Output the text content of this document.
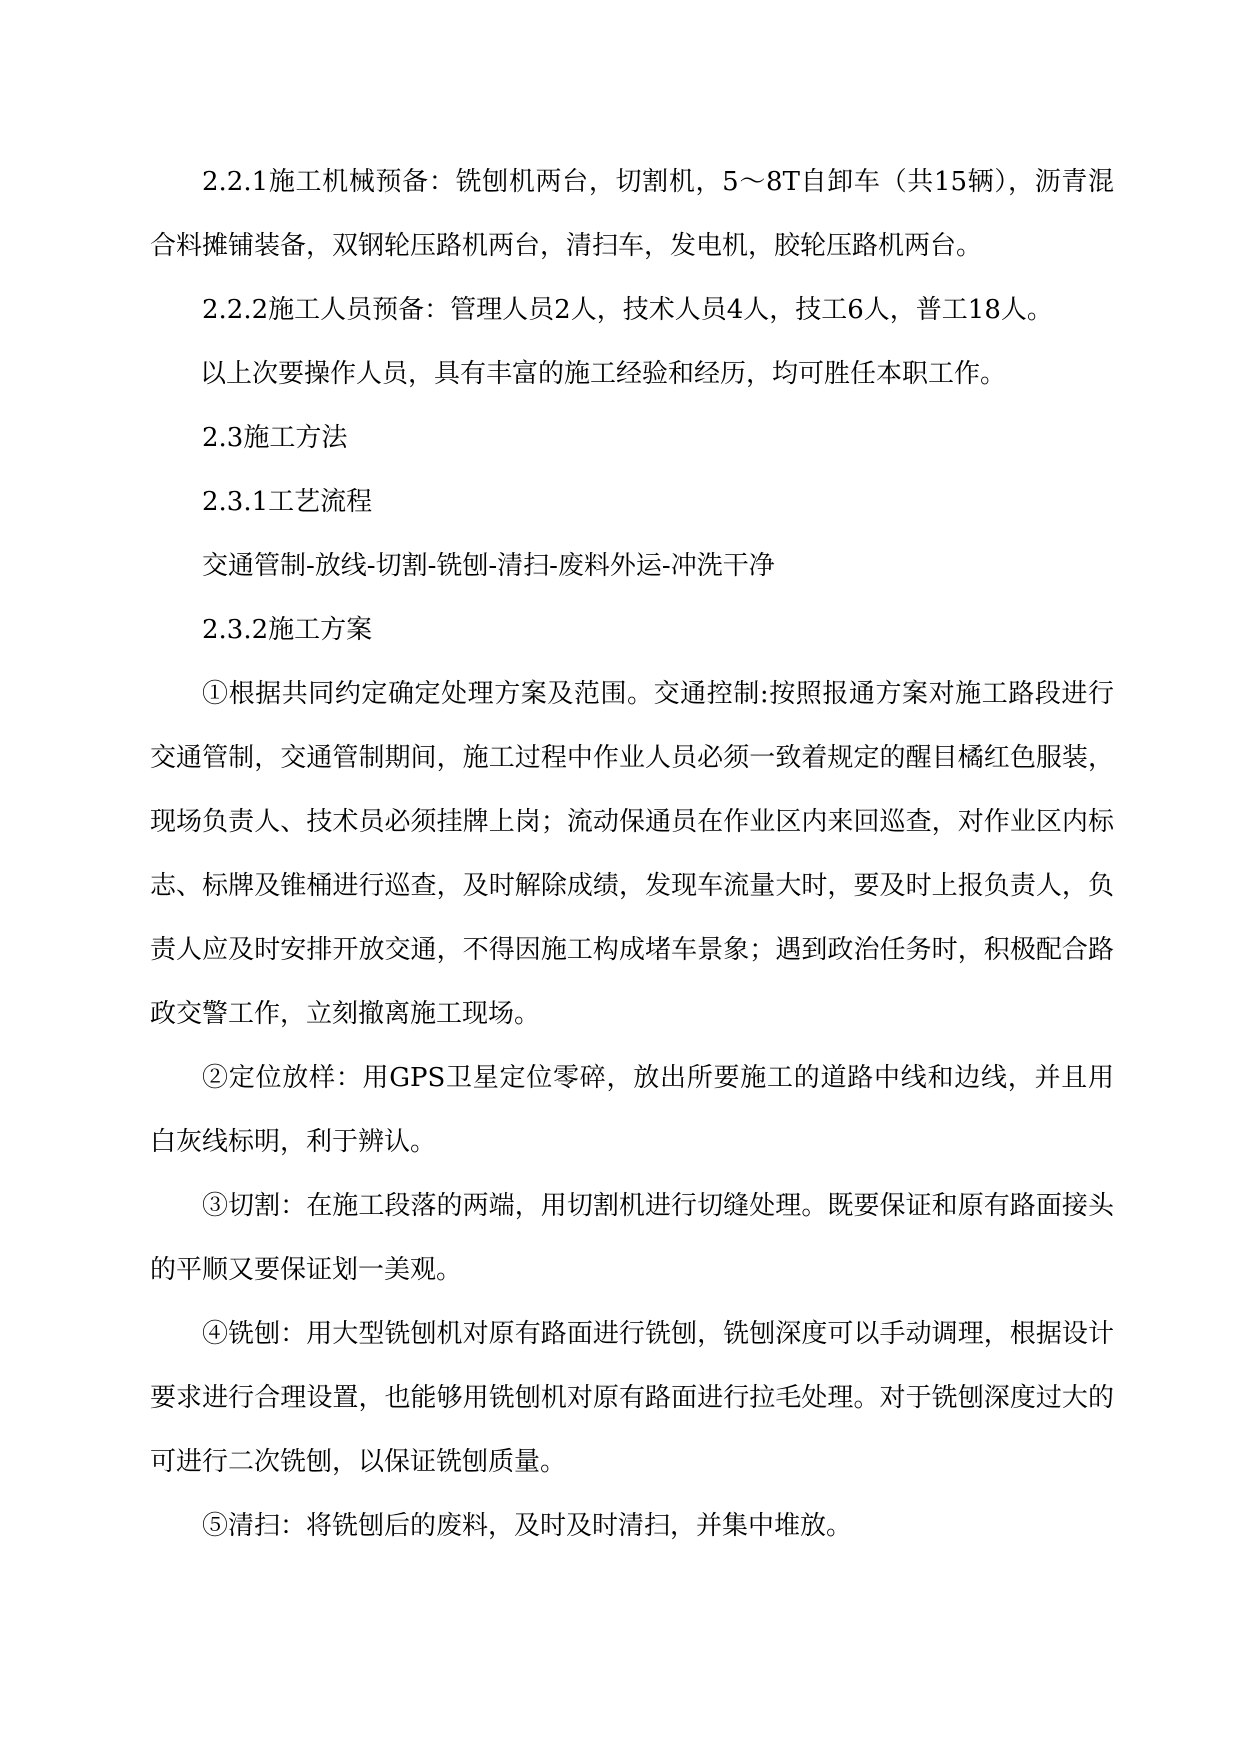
2.2.1施工机械预备：铣刨机两台，切割机，5～8T自卸车（共15辆），沥青混合料摊铺装备，双钢轮压路机两台，清扫车，发电机，胶轮压路机两台。

2.2.2施工人员预备：管理人员2人，技术人员4人，技工6人，普工18人。

以上次要操作人员，具有丰富的施工经验和经历，均可胜任本职工作。

2.3施工方法

2.3.1工艺流程

交通管制-放线-切割-铣刨-清扫-废料外运-冲洗干净

2.3.2施工方案

①根据共同约定确定处理方案及范围。交通控制:按照报通方案对施工路段进行交通管制，交通管制期间，施工过程中作业人员必须一致着规定的醒目橘红色服装，现场负责人、技术员必须挂牌上岗；流动保通员在作业区内来回巡查，对作业区内标志、标牌及锥桶进行巡查，及时解除成绩，发现车流量大时，要及时上报负责人，负责人应及时安排开放交通，不得因施工构成堵车景象；遇到政治任务时，积极配合路政交警工作，立刻撤离施工现场。

②定位放样：用GPS卫星定位零碎，放出所要施工的道路中线和边线，并且用白灰线标明，利于辨认。

③切割：在施工段落的两端，用切割机进行切缝处理。既要保证和原有路面接头的平顺又要保证划一美观。

④铣刨：用大型铣刨机对原有路面进行铣刨，铣刨深度可以手动调理，根据设计要求进行合理设置，也能够用铣刨机对原有路面进行拉毛处理。对于铣刨深度过大的可进行二次铣刨，以保证铣刨质量。

⑤清扫：将铣刨后的废料，及时及时清扫，并集中堆放。
